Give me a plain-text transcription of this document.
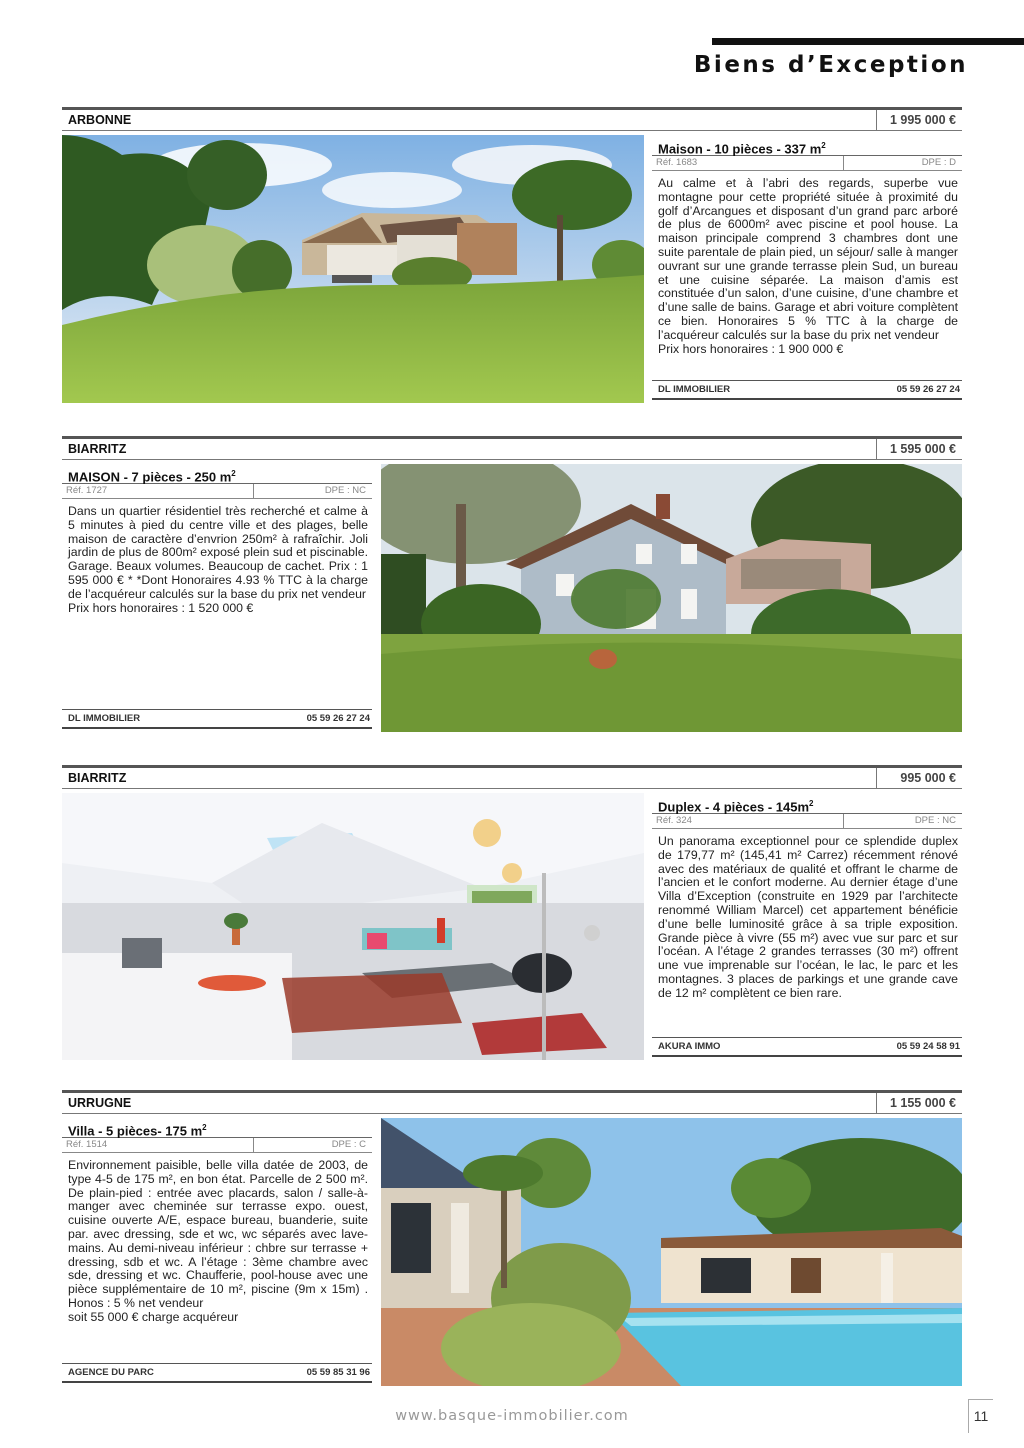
Biens d’Exception
ARBONNE	1 995 000 €
Maison - 10 pièces - 337 $m^2$
Réf. 1683	DPE : D

Au calme et à l’abri des regards, superbe vue montagne pour cette propriété située à proximité du golf d’Arcangues et disposant d’un grand parc arboré de plus de 6000m² avec piscine et pool house. La maison principale comprend 3 chambres dont une suite parentale de plain pied, un séjour/ salle à manger ouvrant sur une grande terrasse plein Sud, un bureau et une cuisine séparée. La maison d’amis est constituée d’un salon, d’une cuisine, d’une chambre et d’une salle de bains. Garage et abri voiture complètent ce bien. Honoraires 5 % TTC à la charge de l’acquéreur calculés sur la base du prix net vendeur

Prix hors honoraires : 1 900 000 €

DL IMMOBILIER	05 59 26 27 24
BIARRITZ	1 595 000 €
MAISON - 7 pièces - 250 $m^2$
Réf. 1727	DPE : NC

Dans un quartier résidentiel très recherché et calme à 5 minutes à pied du centre ville et des plages, belle maison de caractère d’envrion 250m² à rafraîchir. Joli jardin de plus de 800m² exposé plein sud et piscinable. Garage. Beaux volumes. Beaucoup de cachet. Prix : 1 595 000 € * *Dont Honoraires 4.93 % TTC à la charge de l’acquéreur calculés sur la base du prix net vendeur

Prix hors honoraires : 1 520 000 €

DL IMMOBILIER	05 59 26 27 24
BIARRITZ	995 000 €
Duplex - 4 pièces - $145m^2$
Réf. 324	DPE : NC

Un panorama exceptionnel pour ce splendide duplex de 179,77 m² (145,41 m² Carrez) récemment rénové avec des matériaux de qualité et offrant le charme de l’ancien et le confort moderne. Au dernier étage d’une Villa d’Exception (construite en 1929 par l’architecte renommé William Marcel) cet appartement bénéficie d’une belle luminosité grâce à sa triple exposition. Grande pièce à vivre (55 m²) avec vue sur parc et sur l’océan. A l’étage 2 grandes terrasses (30 m²) offrent une vue imprenable sur l’océan, le lac, le parc et les montagnes. 3 places de parkings et une grande cave de 12 m² complètent ce bien rare.

AKURA IMMO	05 59 24 58 91
URRUGNE	1 155 000 €
Villa - 5 pièces- 175 $m^2$
Réf. 1514	DPE : C

Environnement paisible, belle villa datée de 2003, de type 4-5 de 175 m², en bon état. Parcelle de 2 500 m². De plain-pied : entrée avec placards, salon / salle-à-manger avec cheminée sur terrasse expo. ouest, cuisine ouverte A/E, espace bureau, buanderie, suite par. avec dressing, sde et wc, wc séparés avec lave-mains. Au demi-niveau inférieur : chbre sur terrasse + dressing, sdb et wc. A l’étage : 3ème chambre avec sde, dressing et wc. Chaufferie, pool-house avec une pièce supplémentaire de 10 m², piscine (9m x 15m) . Honos : 5 % net vendeur

soit 55 000 € charge acquéreur

AGENCE DU PARC	05 59 85 31 96
www.basque-immobilier.com	11
